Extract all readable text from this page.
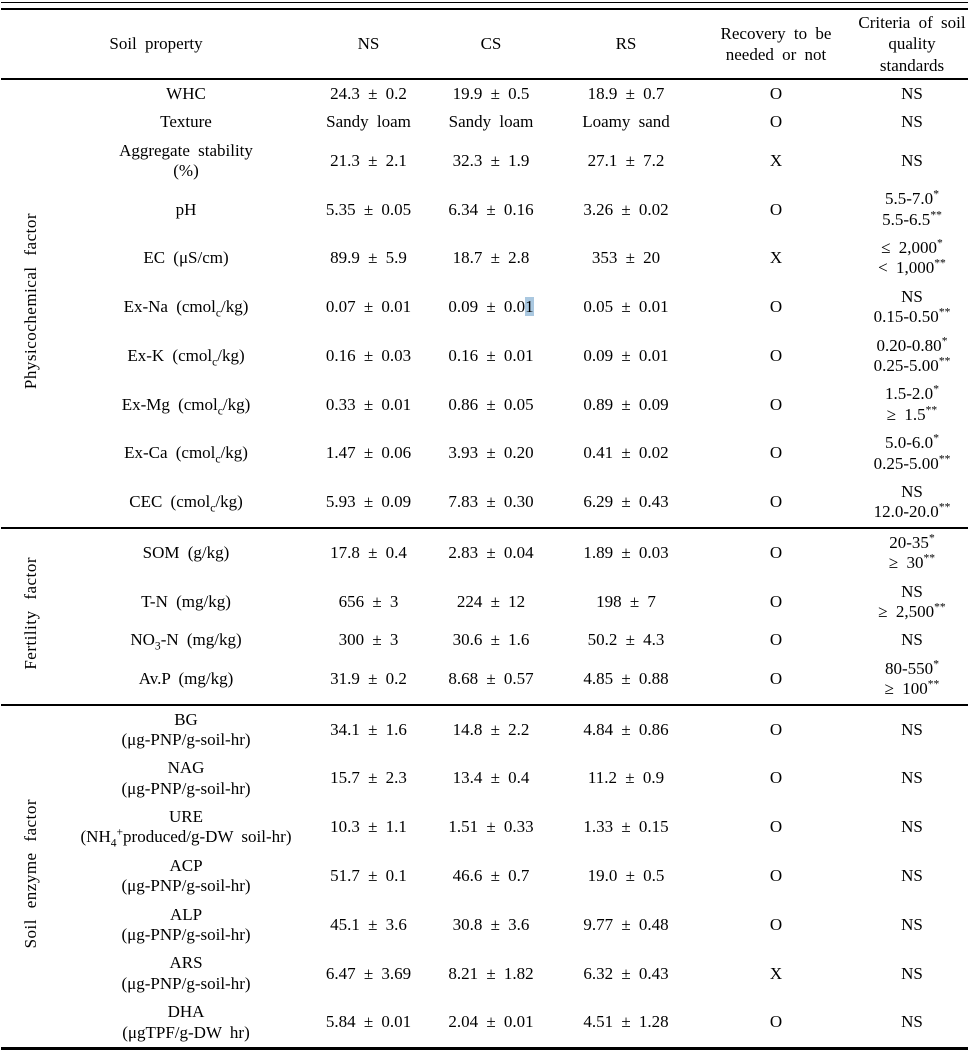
Soil property		NS	CS	RS	Recovery to be
needed or not	Criteria of soil
quality standards
Physicochemical factor	WHC	24.3 ± 0.2	19.9 ± 0.5	18.9 ± 0.7	O	NS
	Texture	Sandy loam	Sandy loam	Loamy sand	O	NS
	Aggregate stability
(%)	21.3 ± 2.1	32.3 ± 1.9	27.1 ± 7.2	X	NS
	pH	5.35 ± 0.05	6.34 ± 0.16	3.26 ± 0.02	O	5.5-7.0*
5.5-6.5**
	EC (μS/cm)	89.9 ± 5.9	18.7 ± 2.8	353 ± 20	X	≤ 2,000*
< 1,000**
	Ex-Na (cmol$_c$/kg)	0.07 ± 0.01	0.09 ± 0.01	0.05 ± 0.01	O	NS
0.15-0.50**
	Ex-K (cmol$_c$/kg)	0.16 ± 0.03	0.16 ± 0.01	0.09 ± 0.01	O	0.20-0.80*
0.25-5.00**
	Ex-Mg (cmol$_c$/kg)	0.33 ± 0.01	0.86 ± 0.05	0.89 ± 0.09	O	1.5-2.0*
≥ 1.5**
	Ex-Ca (cmol$_c$/kg)	1.47 ± 0.06	3.93 ± 0.20	0.41 ± 0.02	O	5.0-6.0*
0.25-5.00**
	CEC (cmol$_c$/kg)	5.93 ± 0.09	7.83 ± 0.30	6.29 ± 0.43	O	NS
12.0-20.0**
Fertility factor	SOM (g/kg)	17.8 ± 0.4	2.83 ± 0.04	1.89 ± 0.03	O	20-35*
≥ 30**
	T-N (mg/kg)	656 ± 3	224 ± 12	198 ± 7	O	NS
≥ 2,500**
	$NO_3-N$ (mg/kg)	300 ± 3	30.6 ± 1.6	50.2 ± 4.3	O	NS
	Av.P (mg/kg)	31.9 ± 0.2	8.68 ± 0.57	4.85 ± 0.88	O	80-550*
≥ 100**
Soil enzyme factor	BG
(μg-PNP/g-soil-hr)	34.1 ± 1.6	14.8 ± 2.2	4.84 ± 0.86	O	NS
	NAG
(μg-PNP/g-soil-hr)	15.7 ± 2.3	13.4 ± 0.4	11.2 ± 0.9	O	NS
	URE
($NH_4^+produced/g-DW$ soil-hr)	10.3 ± 1.1	1.51 ± 0.33	1.33 ± 0.15	O	NS
	ACP
(μg-PNP/g-soil-hr)	51.7 ± 0.1	46.6 ± 0.7	19.0 ± 0.5	O	NS
	ALP
(μg-PNP/g-soil-hr)	45.1 ± 3.6	30.8 ± 3.6	9.77 ± 0.48	O	NS
	ARS
(μg-PNP/g-soil-hr)	6.47 ± 3.69	8.21 ± 1.82	6.32 ± 0.43	X	NS
	DHA
(μgTPF/g-DW hr)	5.84 ± 0.01	2.04 ± 0.01	4.51 ± 1.28	O	NS
